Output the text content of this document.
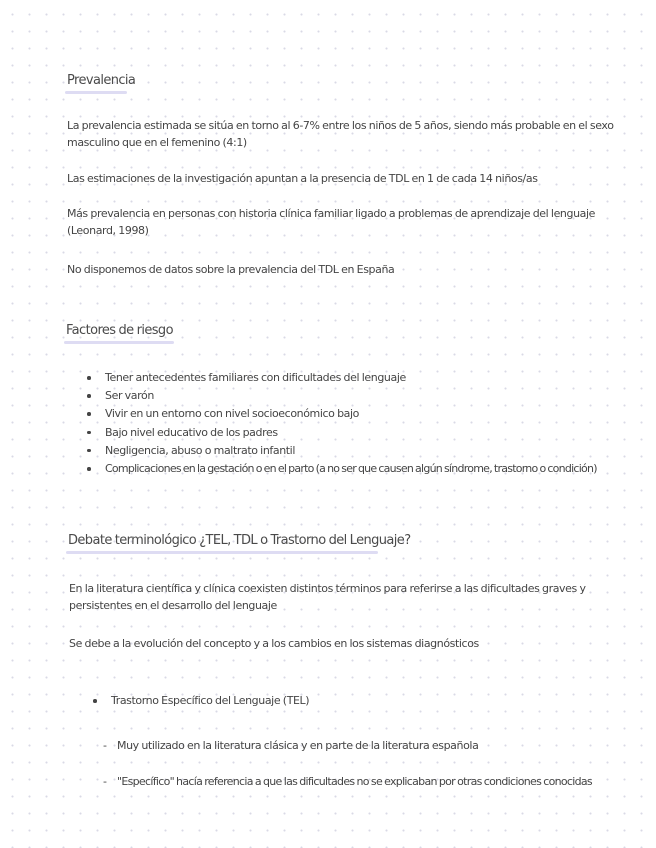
Prevalencia
La prevalencia estimada se sitúa en torno al 6-7% entre los niños de 5 años, siendo más probable en el sexo masculino que en el femenino (4:1)
Las estimaciones de la investigación apuntan a la presencia de TDL en 1 de cada 14 niños/as
Más prevalencia en personas con historia clínica familiar ligado a problemas de aprendizaje del lenguaje (Leonard, 1998)
No disponemos de datos sobre la prevalencia del TDL en España
Factores de riesgo
Tener antecedentes familiares con dificultades del lenguaje
Ser varón
Vivir en un entorno con nivel socioeconómico bajo
Bajo nivel educativo de los padres
Negligencia, abuso o maltrato infantil
Complicaciones en la gestación o en el parto (a no ser que causen algún síndrome, trastorno o condición)
Debate terminológico ¿TEL, TDL o Trastorno del Lenguaje?
En la literatura científica y clínica coexisten distintos términos para referirse a las dificultades graves y persistentes en el desarrollo del lenguaje
Se debe a la evolución del concepto y a los cambios en los sistemas diagnósticos
Trastorno Específico del Lenguaje (TEL)
- Muy utilizado en la literatura clásica y en parte de la literatura española
- "Específico" hacía referencia a que las dificultades no se explicaban por otras condiciones conocidas
